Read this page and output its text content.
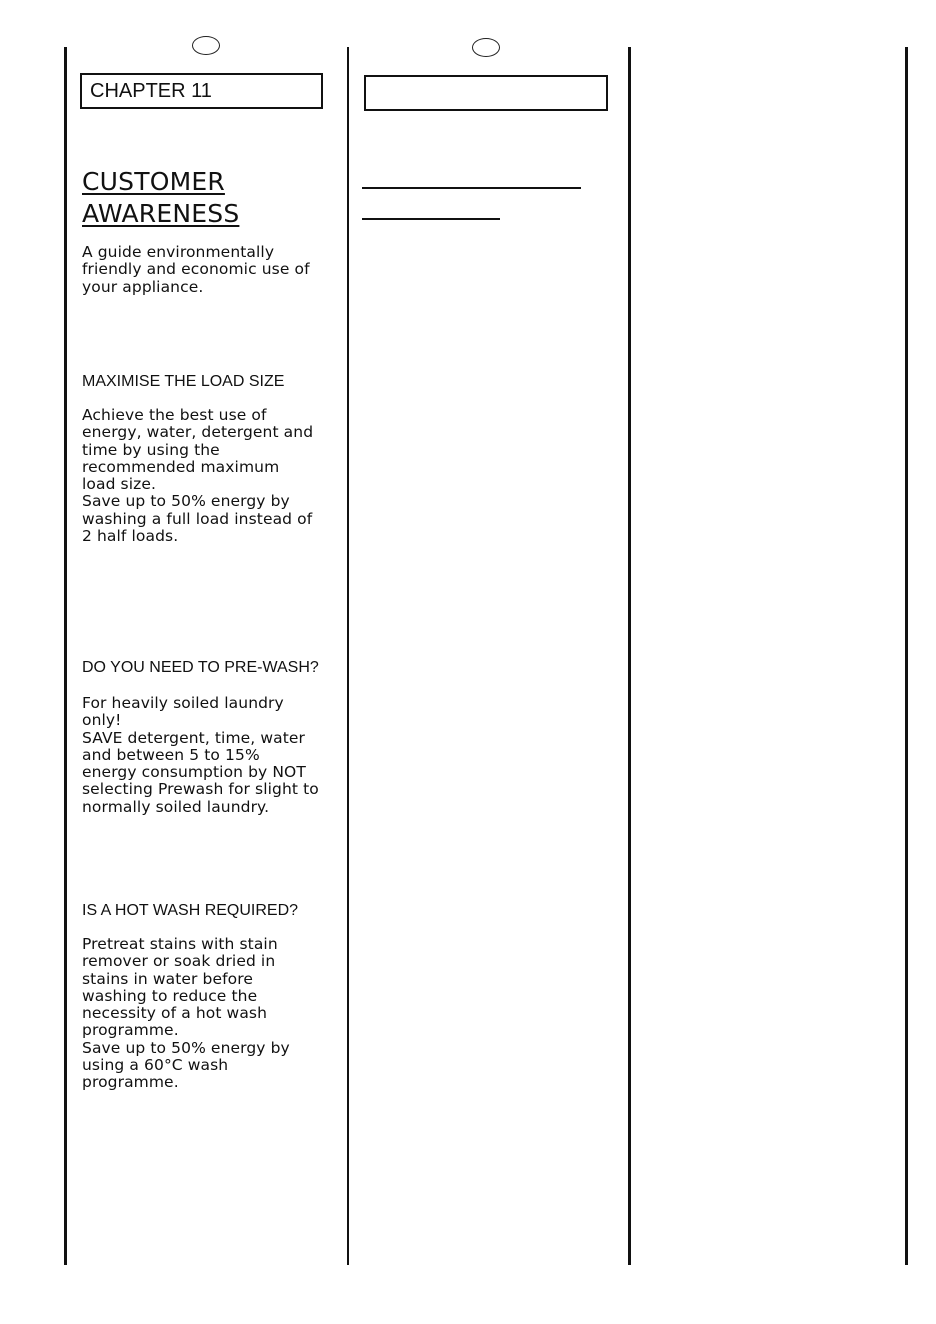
CHAPTER 11
CUSTOMER
AWARENESS

A guide environmentally
friendly and economic use of
your appliance.

MAXIMISE THE LOAD SIZE

Achieve the best use of
energy, water, detergent and
time by using the
recommended maximum
load size.
Save up to 50% energy by
washing a full load instead of
2 half loads.

DO YOU NEED TO PRE-WASH?

For heavily soiled laundry
only!
SAVE detergent, time, water
and between 5 to 15%
energy consumption by NOT
selecting Prewash for slight to
normally soiled laundry.

IS A HOT WASH REQUIRED?

Pretreat stains with stain
remover or soak dried in
stains in water before
washing to reduce the
necessity of a hot wash
programme.
Save up to 50% energy by
using a 60°C wash
programme.
